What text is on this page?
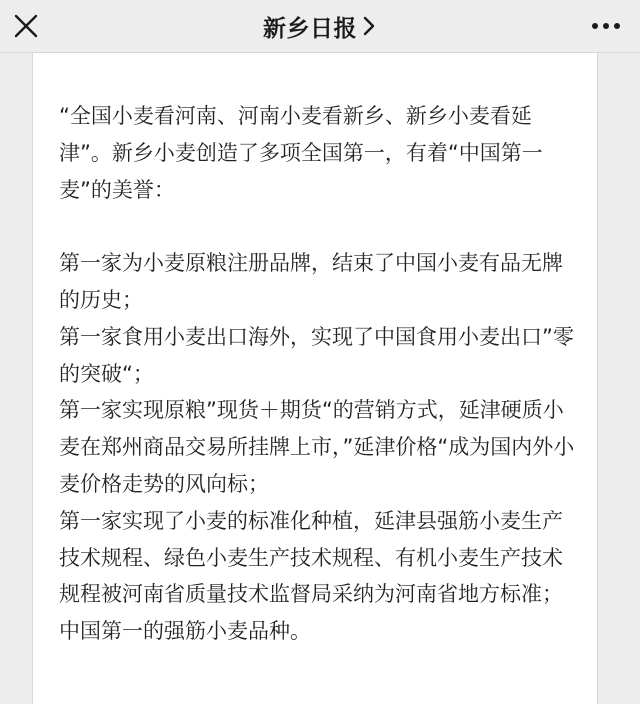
新乡日报

“全国小麦看河南、河南小麦看新乡、新乡小麦看延津”。新乡小麦创造了多项全国第一，有着“中国第一麦”的美誉：

第一家为小麦原粮注册品牌，结束了中国小麦有品无牌的历史；

第一家食用小麦出口海外，实现了中国食用小麦出口”零的突破“；

第一家实现原粮”现货＋期货“的营销方式，延津硬质小麦在郑州商品交易所挂牌上市，”延津价格“成为国内外小麦价格走势的风向标；

第一家实现了小麦的标准化种植，延津县强筋小麦生产技术规程、绿色小麦生产技术规程、有机小麦生产技术规程被河南省质量技术监督局采纳为河南省地方标准；

中国第一的强筋小麦品种。
